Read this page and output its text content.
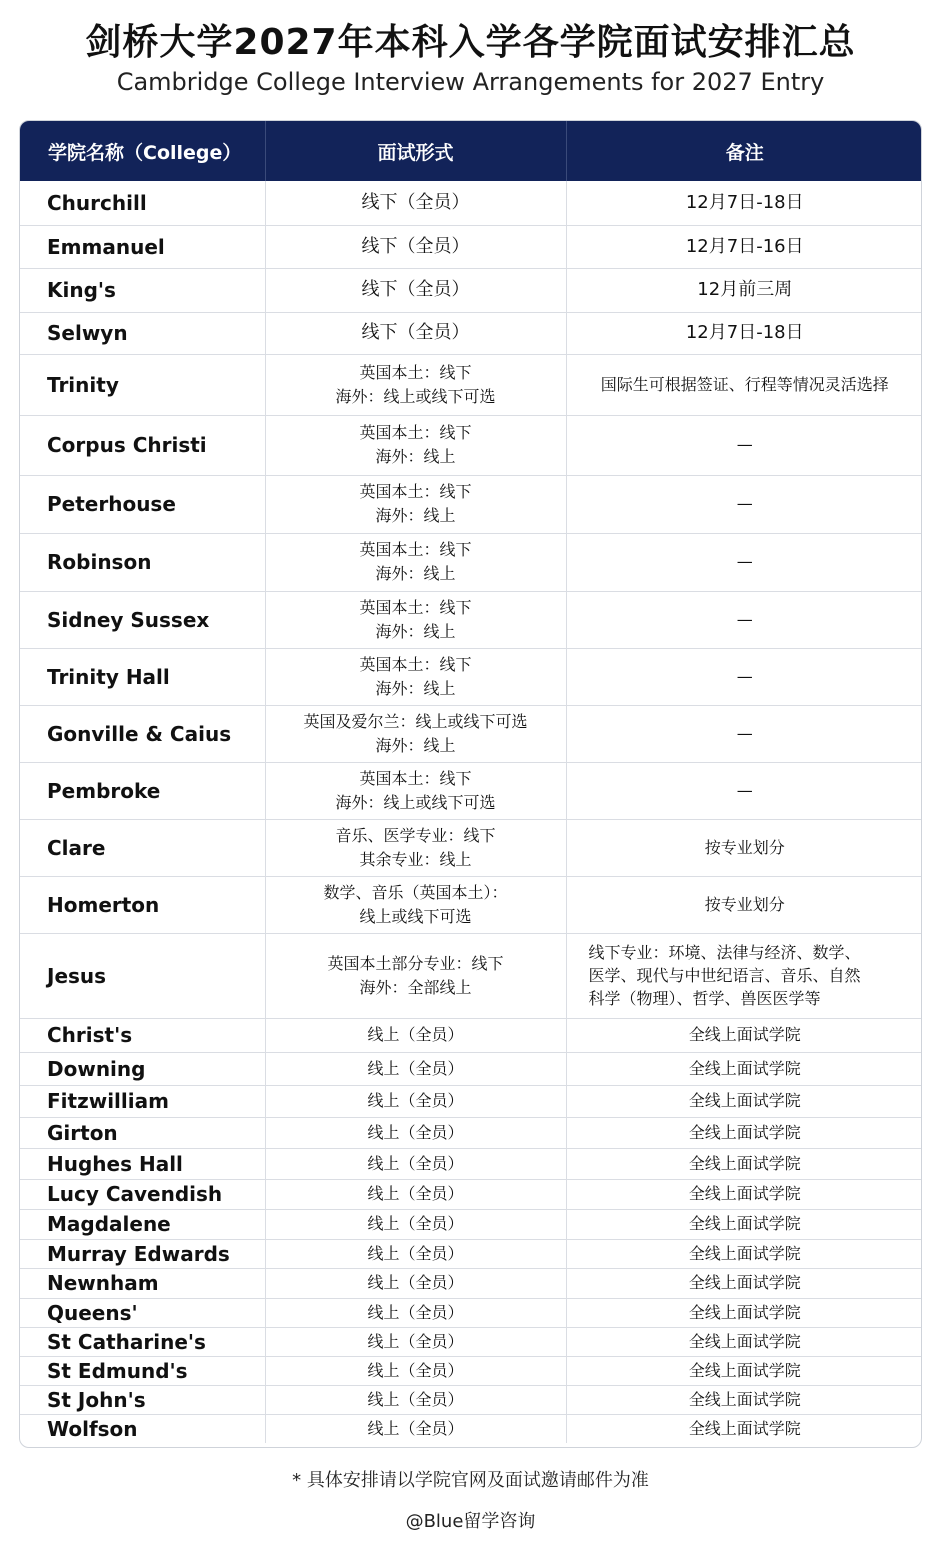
剑桥大学2027年本科入学各学院面试安排汇总
Cambridge College Interview Arrangements for 2027 Entry
学院名称（College）	面试形式	备注
Churchill	线下（全员）	12月7日-18日

Emmanuel	线下（全员）	12月7日-16日

King's	线下（全员）	12月前三周

Selwyn	线下（全员）	12月7日-18日

Trinity	英国本土：线下
海外：线上或线下可选	国际生可根据签证、行程等情况灵活选择

Corpus Christi	英国本土：线下
海外：线上	—

Peterhouse	英国本土：线下
海外：线上	—

Robinson	英国本土：线下
海外：线上	—

Sidney Sussex	英国本土：线下
海外：线上	—

Trinity Hall	英国本土：线下
海外：线上	—

Gonville & Caius	英国及爱尔兰：线上或线下可选
海外：线上	—

Pembroke	英国本土：线下
海外：线上或线下可选	—

Clare	音乐、医学专业：线下
其余专业：线上	按专业划分

Homerton	数学、音乐（英国本土）：
线上或线下可选	按专业划分

Jesus	英国本土部分专业：线下
海外：全部线上	线下专业：环境、法律与经济、数学、
医学、现代与中世纪语言、音乐、自然
科学（物理）、哲学、兽医医学等

Christ's	线上（全员）	全线上面试学院

Downing	线上（全员）	全线上面试学院

Fitzwilliam	线上（全员）	全线上面试学院

Girton	线上（全员）	全线上面试学院

Hughes Hall	线上（全员）	全线上面试学院

Lucy Cavendish	线上（全员）	全线上面试学院

Magdalene	线上（全员）	全线上面试学院

Murray Edwards	线上（全员）	全线上面试学院

Newnham	线上（全员）	全线上面试学院

Queens'	线上（全员）	全线上面试学院

St Catharine's	线上（全员）	全线上面试学院

St Edmund's	线上（全员）	全线上面试学院

St John's	线上（全员）	全线上面试学院

Wolfson	线上（全员）	全线上面试学院
* 具体安排请以学院官网及面试邀请邮件为准
@Blue留学咨询
